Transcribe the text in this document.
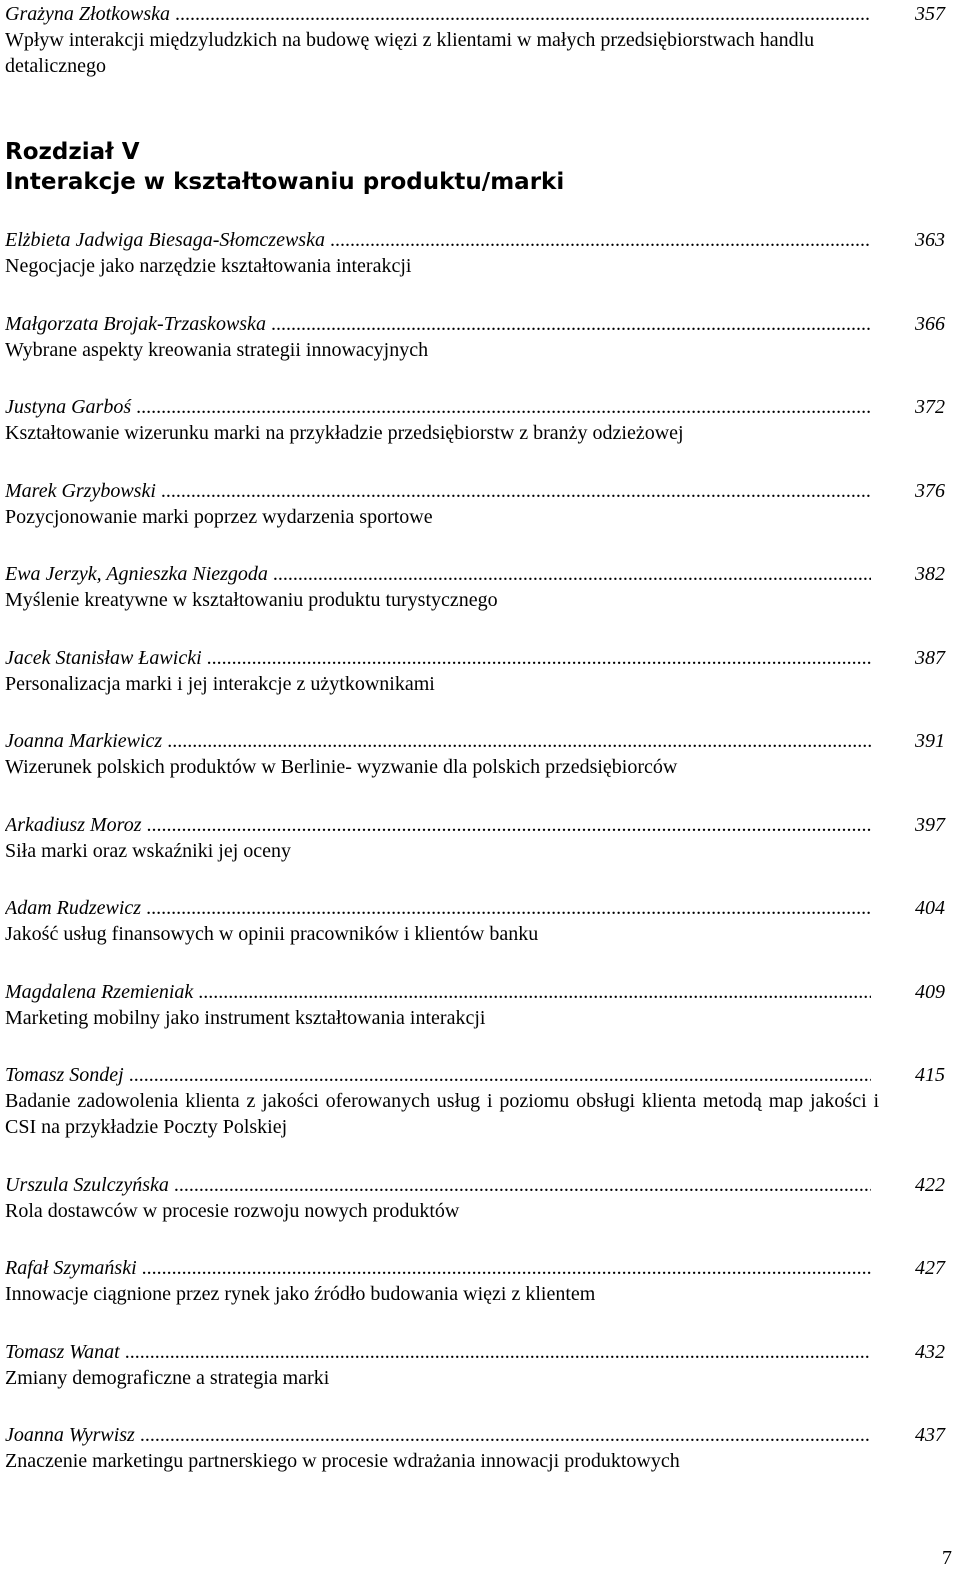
Grażyna Złotkowska .....	357
Wpływ interakcji międzyludzkich na budowę więzi z klientami w małych przedsiębiorstwach handlu detalicznego
Rozdział V
Interakcje w kształtowaniu produktu/marki
Elżbieta Jadwiga Biesaga-Słomczewska .....	363
Negocjacje jako narzędzie kształtowania interakcji
Małgorzata Brojak-Trzaskowska .....	366
Wybrane aspekty kreowania strategii innowacyjnych
Justyna Garboś .....	372
Kształtowanie wizerunku marki na przykładzie przedsiębiorstw z branży odzieżowej
Marek Grzybowski .....	376
Pozycjonowanie marki poprzez wydarzenia sportowe
Ewa Jerzyk, Agnieszka Niezgoda .....	382
Myślenie kreatywne w kształtowaniu produktu turystycznego
Jacek Stanisław Ławicki .....	387
Personalizacja marki i jej interakcje z użytkownikami
Joanna Markiewicz .....	391
Wizerunek polskich produktów w Berlinie- wyzwanie dla polskich przedsiębiorców
Arkadiusz Moroz .....	397
Siła marki oraz wskaźniki jej oceny
Adam Rudzewicz .....	404
Jakość usług finansowych w opinii pracowników i klientów banku
Magdalena Rzemieniak .....	409
Marketing mobilny jako instrument kształtowania interakcji
Tomasz Sondej .....	415
Badanie zadowolenia klienta z jakości oferowanych usług i poziomu obsługi klienta metodą map jakości i CSI na przykładzie Poczty Polskiej
Urszula Szulczyńska .....	422
Rola dostawców w procesie rozwoju nowych produktów
Rafał Szymański .....	427
Innowacje ciągnione przez rynek jako źródło budowania więzi z klientem
Tomasz Wanat .....	432
Zmiany demograficzne a strategia marki
Joanna Wyrwisz .....	437
Znaczenie marketingu partnerskiego w procesie wdrażania innowacji produktowych
7
